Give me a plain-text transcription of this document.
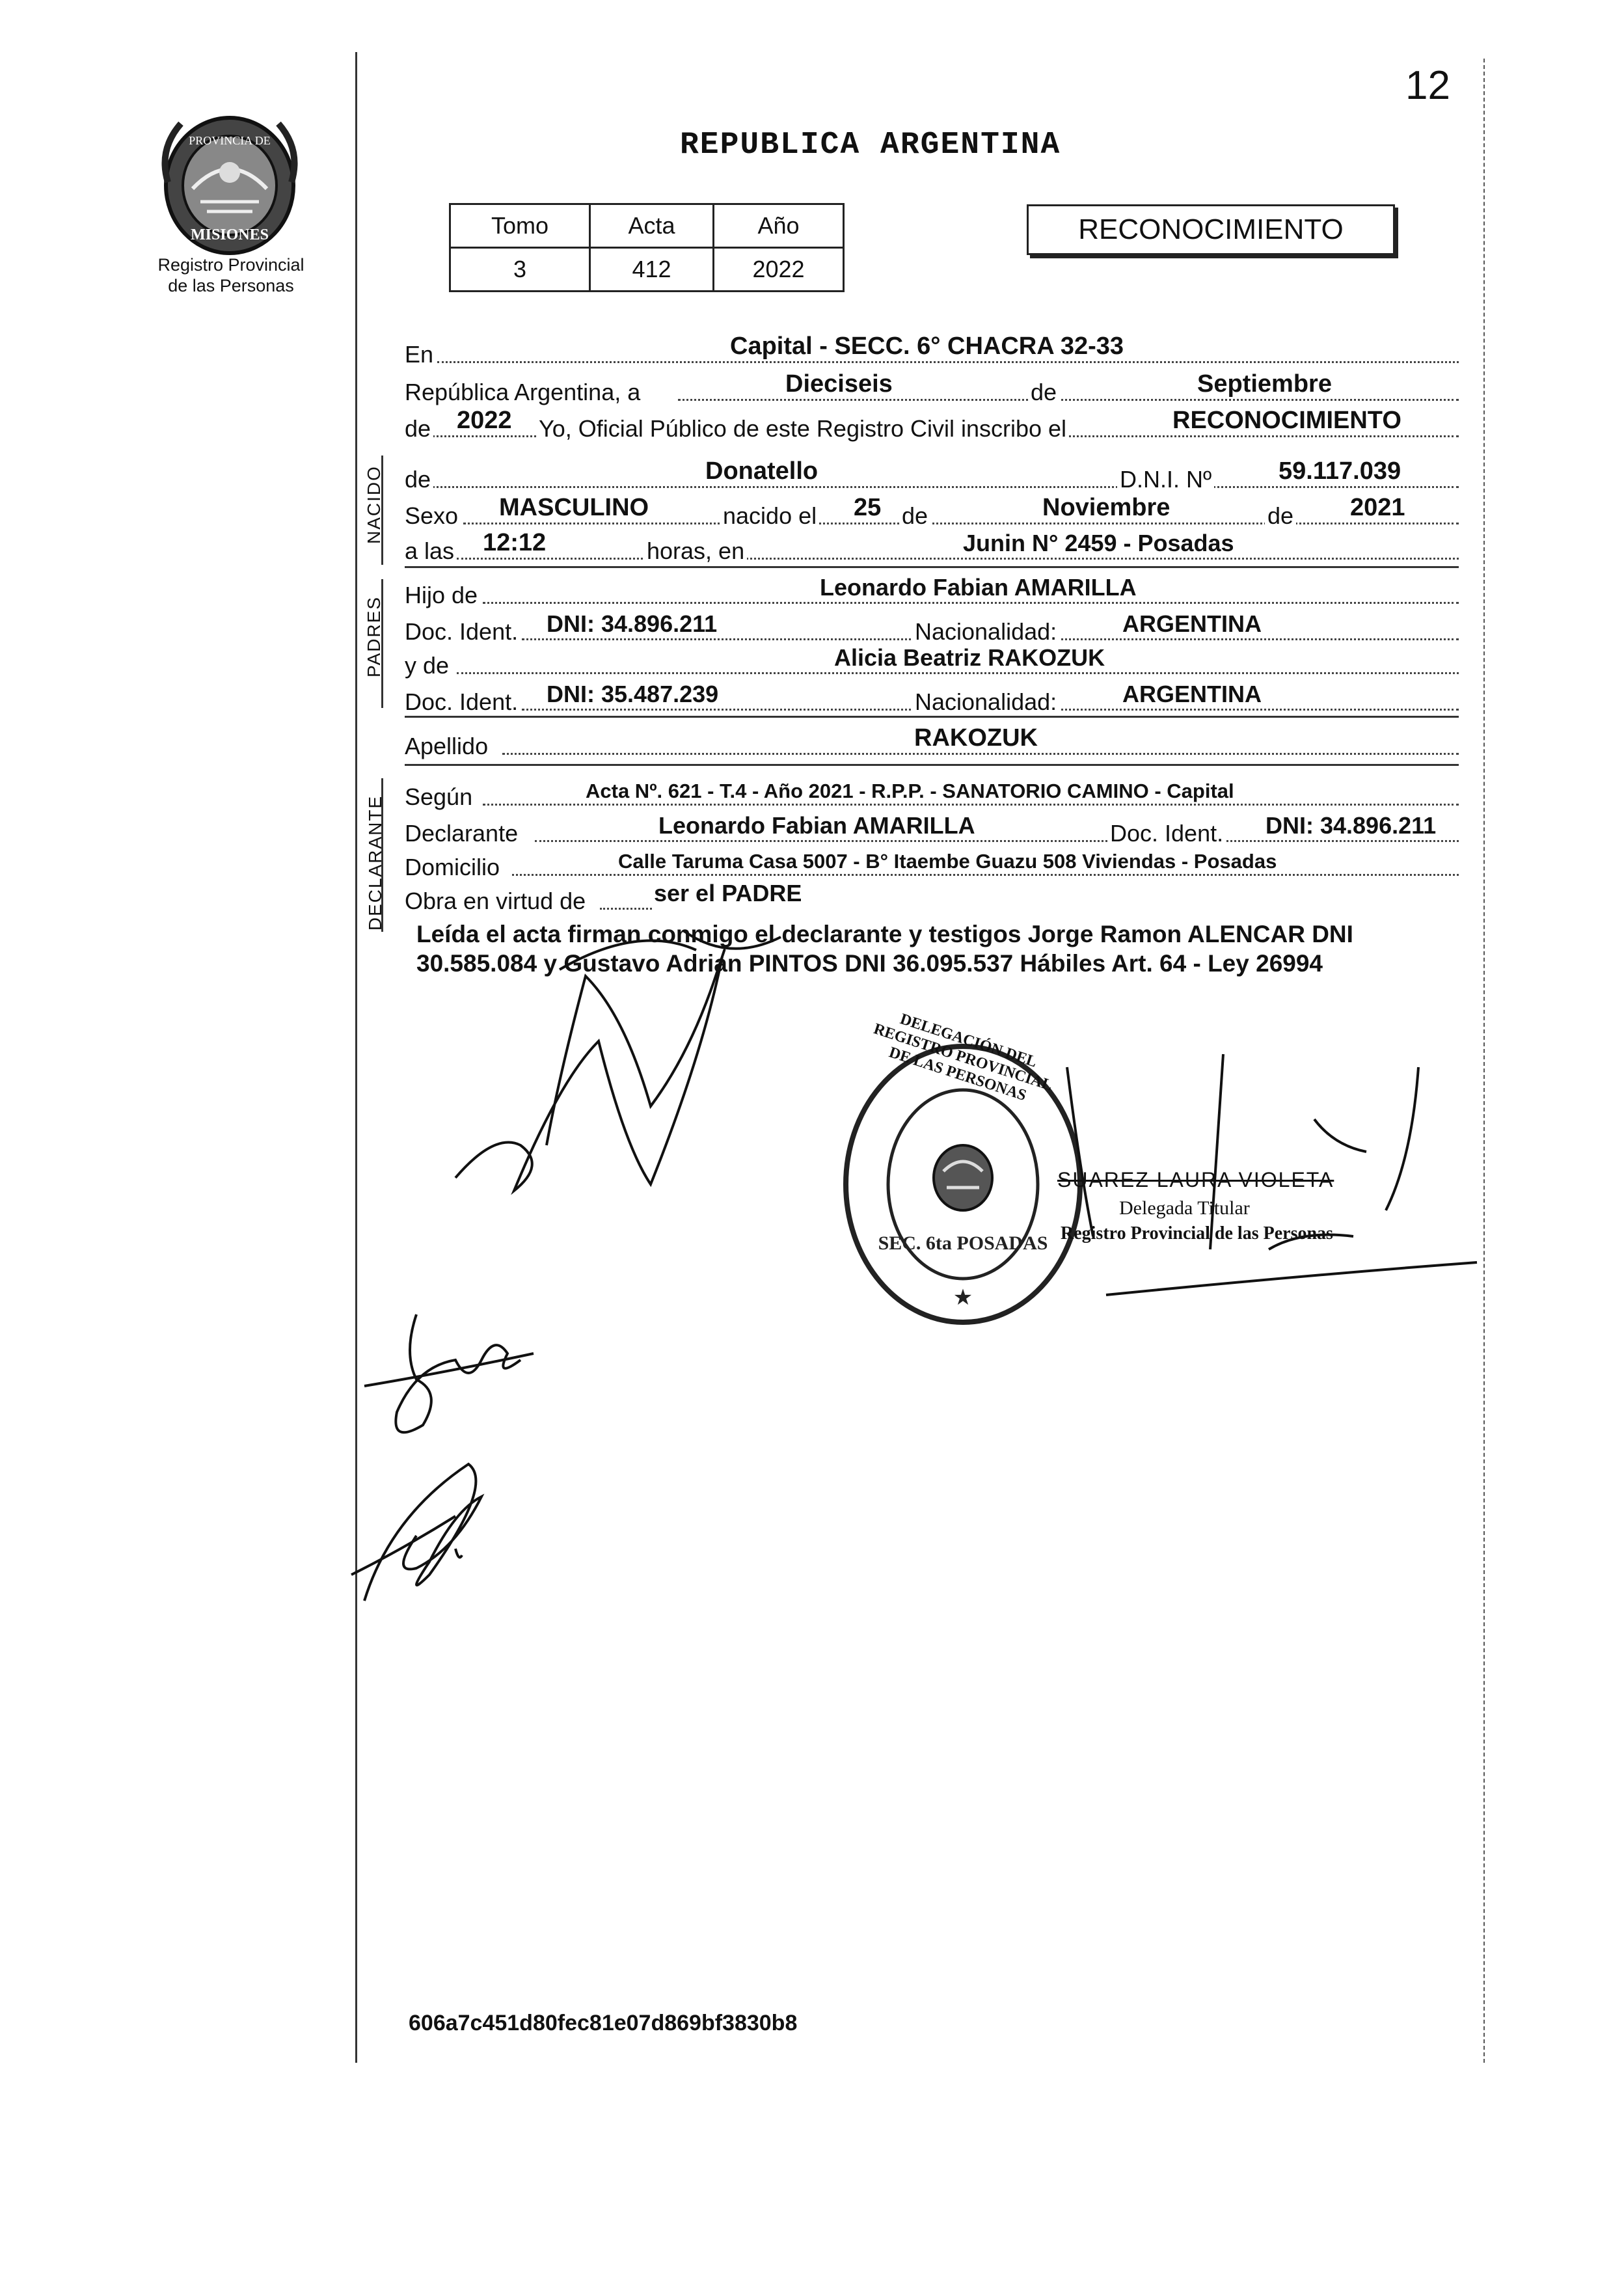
12
PROVINCIA DE
MISIONES
Registro Provincial
de las Personas
REPUBLICA ARGENTINA
Tomo	Acta	Año
3	412	2022
RECONOCIMIENTO
En	Capital - SECC. 6° CHACRA 32-33
República Argentina, a	Dieciseis	de	Septiembre
de 2022 Yo, Oficial Público de este Registro Civil inscribo el	RECONOCIMIENTO
NACIDO de	Donatello	D.N.I. Nº	59.117.039
Sexo MASCULINO	nacido el 25 de	Noviembre	de 2021
a las 12:12	horas, en	Junin N° 2459 - Posadas
PADRES
Hijo de	Leonardo Fabian AMARILLA
Doc. Ident. DNI: 34.896.211	Nacionalidad:	ARGENTINA
y de	Alicia Beatriz RAKOZUK
Doc. Ident. DNI: 35.487.239	Nacionalidad:	ARGENTINA
Apellido	RAKOZUK
DECLARANTE Según	Acta Nº. 621 - T.4 - Año 2021 - R.P.P. - SANATORIO CAMINO - Capital
Declarante	Leonardo Fabian AMARILLA	Doc. Ident. DNI: 34.896.211
Domicilio	Calle Taruma Casa 5007 - B° Itaembe Guazu 508 Viviendas - Posadas
Obra en virtud de	ser el PADRE
Leída el acta firman conmigo el declarante y testigos Jorge Ramon ALENCAR DNI
30.585.084 y Gustavo Adrian PINTOS DNI 36.095.537 Hábiles Art. 64 - Ley 26994
SEC. 6ta POSADAS
★
DELEGACIÓN DEL REGISTRO PROVINCIAL DE LAS PERSONAS
SUAREZ LAURA VIOLETA
Delegada Titular
Registro Provincial de las Personas
606a7c451d80fec81e07d869bf3830b8
